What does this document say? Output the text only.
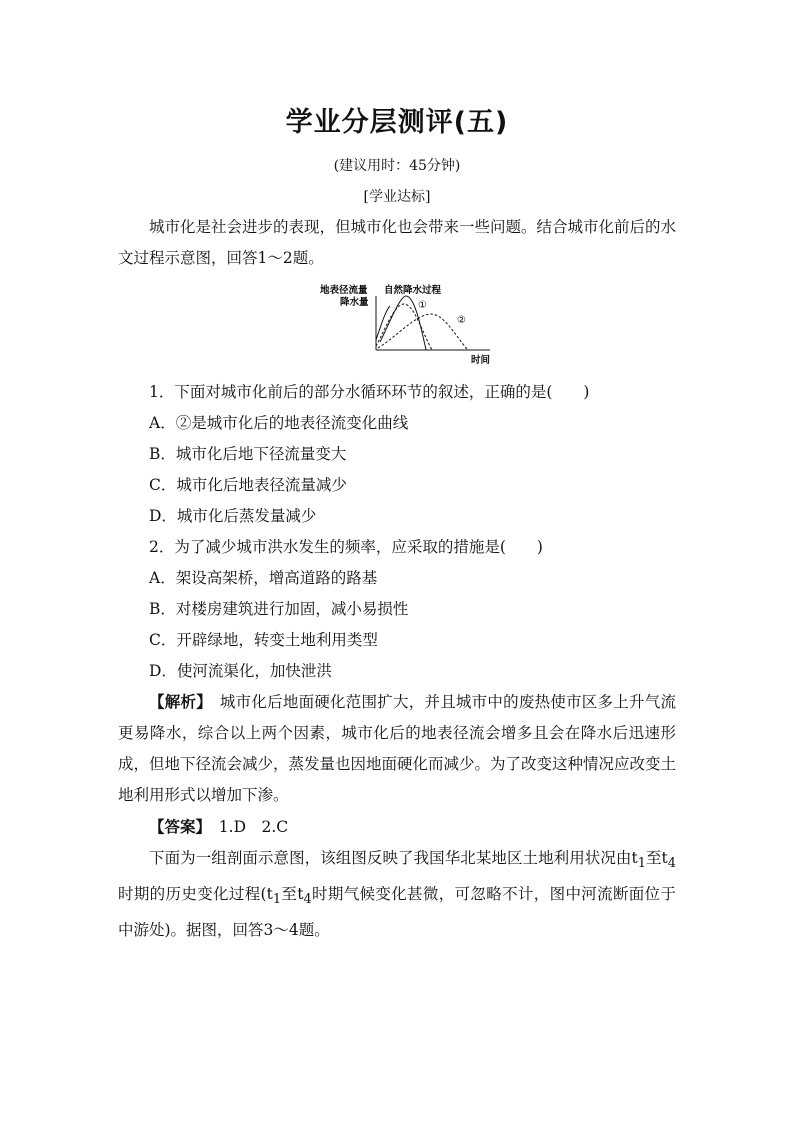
学业分层测评(五)
(建议用时：45分钟)
[学业达标]
城市化是社会进步的表现，但城市化也会带来一些问题。结合城市化前后的水文过程示意图，回答1～2题。
地表径流量
降水量
自然降水过程
①
②
时间
1．下面对城市化前后的部分水循环环节的叙述，正确的是(　　)
A．②是城市化后的地表径流变化曲线
B．城市化后地下径流量变大
C．城市化后地表径流量减少
D．城市化后蒸发量减少
2．为了减少城市洪水发生的频率，应采取的措施是(　　)
A．架设高架桥，增高道路的路基
B．对楼房建筑进行加固，减小易损性
C．开辟绿地，转变土地利用类型
D．使河流渠化，加快泄洪
【解析】　 城市化后地面硬化范围扩大，并且城市中的废热使市区多上升气流更易降水，综合以上两个因素，城市化后的地表径流会增多且会在降水后迅速形成，但地下径流会减少，蒸发量也因地面硬化而减少。为了改变这种情况应改变土地利用形式以增加下渗。
【答案】　 1.D　2.C
下面为一组剖面示意图，该组图反映了我国华北某地区土地利用状况由$t_1$至$t_4$时期的历史变化过程($t_1$至$t_4$时期气候变化甚微，可忽略不计，图中河流断面位于中游处)。据图，回答3～4题。
